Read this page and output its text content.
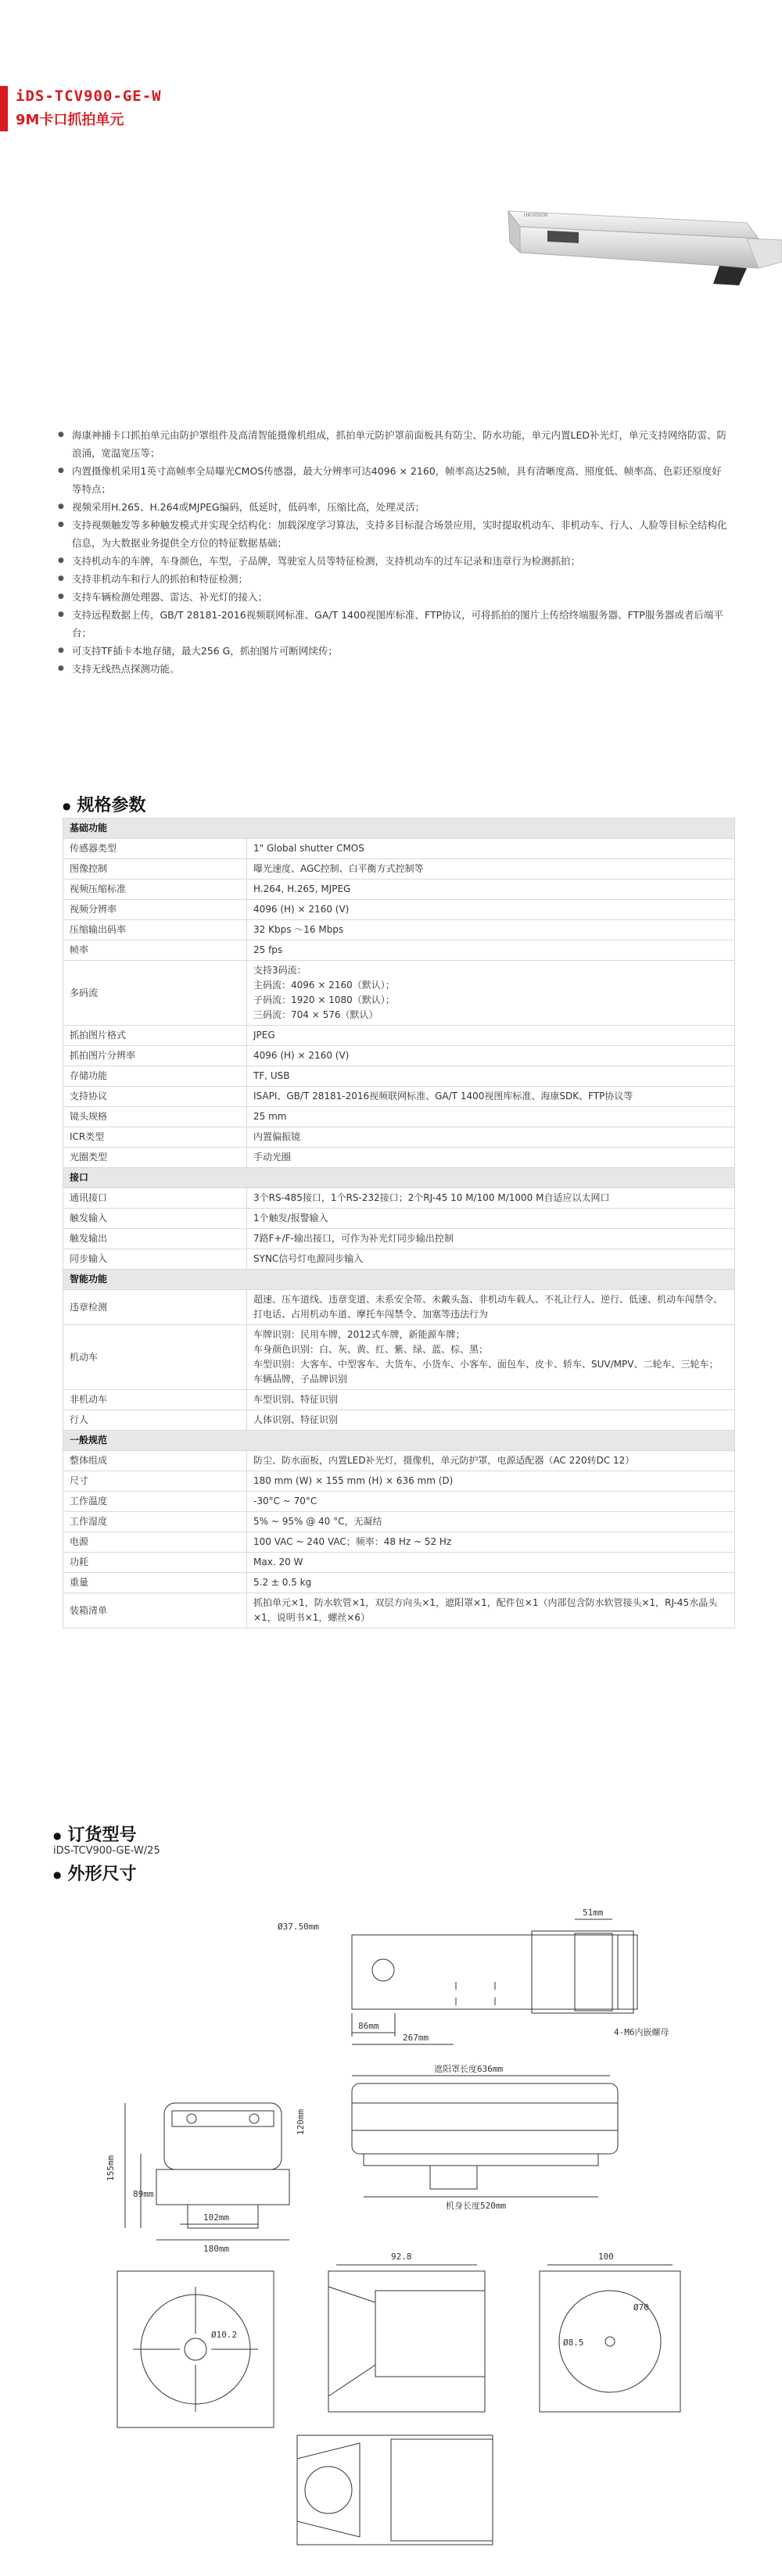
iDS-TCV900-GE-W
9M卡口抓拍单元
HIKVISION
● 海康神捕卡口抓拍单元由防护罩组件及高清智能摄像机组成，抓拍单元防护罩前面板具有防尘、防水功能，单元内置LED补光灯，单元支持网络防雷、防浪涌，宽温宽压等；
● 内置摄像机采用1英寸高帧率全局曝光CMOS传感器，最大分辨率可达4096 × 2160，帧率高达25帧，具有清晰度高、照度低、帧率高、色彩还原度好等特点；
● 视频采用H.265、H.264或MJPEG编码，低延时，低码率，压缩比高，处理灵活；
● 支持视频触发等多种触发模式并实现全结构化：加载深度学习算法，支持多目标混合场景应用，实时提取机动车、非机动车、行人、人脸等目标全结构化信息，为大数据业务提供全方位的特征数据基础；
● 支持机动车的车牌，车身颜色，车型，子品牌，驾驶室人员等特征检测，支持机动车的过车记录和违章行为检测抓拍；
● 支持非机动车和行人的抓拍和特征检测；
● 支持车辆检测处理器、雷达、补光灯的接入；
● 支持远程数据上传，GB/T 28181-2016视频联网标准、GA/T 1400视图库标准、FTP协议，可将抓拍的图片上传给终端服务器、FTP服务器或者后端平台；
● 可支持TF插卡本地存储，最大256 G，抓拍图片可断网续传；
● 支持无线热点探测功能。
● 规格参数
基础功能	
传感器类型	1" Global shutter CMOS
图像控制	曝光速度、AGC控制、白平衡方式控制等
视频压缩标准	H.264, H.265, MJPEG
视频分辨率	4096 (H) × 2160 (V)
压缩输出码率	32 Kbps ～16 Mbps
帧率	25 fps
多码流	支持3码流：
主码流：4096 × 2160（默认）；
子码流：1920 × 1080（默认）；
三码流：704 × 576（默认）
抓拍图片格式	JPEG
抓拍图片分辨率	4096 (H) × 2160 (V)
存储功能	TF, USB
支持协议	ISAPI、GB/T 28181-2016视频联网标准、GA/T 1400视图库标准、海康SDK、FTP协议等
镜头规格	25 mm
ICR类型	内置偏振镜
光圈类型	手动光圈
接口	
通讯接口	3个RS-485接口，1个RS-232接口；2个RJ-45 10 M/100 M/1000 M自适应以太网口
触发输入	1个触发/报警输入
触发输出	7路F+/F-输出接口，可作为补光灯同步输出控制
同步输入	SYNC信号灯电源同步输入
智能功能	
违章检测	超速、压车道线、违章变道、未系安全带、未戴头盔、非机动车载人、不礼让行人、逆行、低速、机动车闯禁令、打电话、占用机动车道、摩托车闯禁令、加塞等违法行为
机动车	车牌识别：民用车牌，2012式车牌，新能源车牌；
车身颜色识别：白、灰、黄、红、紫、绿、蓝、棕、黑；
车型识别：大客车、中型客车、大货车、小货车、小客车、面包车、皮卡、轿车、SUV/MPV、二轮车、三轮车；
车辆品牌，子品牌识别
非机动车	车型识别、特征识别
行人	人体识别、特征识别
一般规范	
整体组成	防尘、防水面板，内置LED补光灯，摄像机，单元防护罩，电源适配器（AC 220转DC 12）
尺寸	180 mm (W) × 155 mm (H) × 636 mm (D)
工作温度	-30°C ~ 70°C
工作湿度	5% ~ 95% @ 40 °C，无凝结
电源	100 VAC ~ 240 VAC；频率：48 Hz ~ 52 Hz
功耗	Max. 20 W
重量	5.2 ± 0.5 kg
装箱清单	抓拍单元×1，防水软管×1，双层方向头×1，遮阳罩×1，配件包×1（内部包含防水软管接头×1，RJ-45水晶头×1，说明书×1，螺丝×6）
● 订货型号
iDS-TCV900-GE-W/25
● 外形尺寸
Ø37.50mm
51mm
86mm
267mm
4-M6内嵌螺母
155mm
89mm
102mm
180mm
120mm
遮阳罩长度636mm
机身长度520mm
Ø10.2
92.8	100
Ø8.5
Ø70
